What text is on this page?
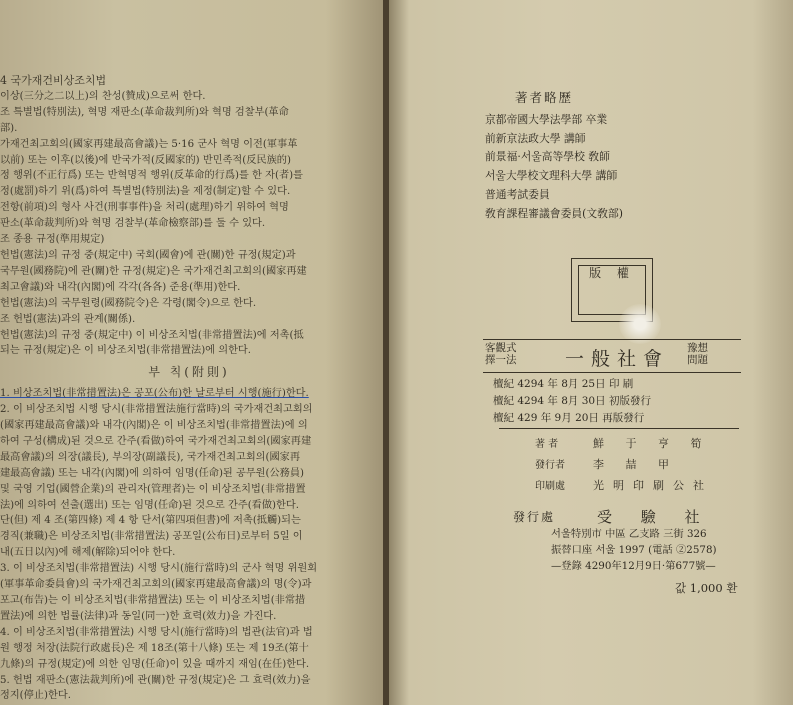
4 국가재건비상조치법

이상(三分之二以上)의 찬성(贊成)으로써 한다.

조 특별법(特別法), 혁명 재판소(革命裁判所)와 혁명 검찰부(革命

部).

가재건최고회의(國家再建最高會議)는 5·16 군사 혁명 이전(軍事革

以前) 또는 이후(以後)에 반국가적(反國家的) 반민족적(反民族的)

정 행위(不正行爲) 또는 반혁명적 행위(反革命的行爲)를 한 자(者)를

정(處罰)하기 위(爲)하여 특별법(特別法)을 제정(制定)할 수 있다.

전항(前項)의 형사 사건(刑事事件)을 처리(處理)하기 위하여 혁명

판소(革命裁判所)와 혁명 검찰부(革命檢察部)를 둘 수 있다.

조 종용 규정(準用規定)

헌법(憲法)의 규정 중(規定中) 국회(國會)에 관(關)한 규정(規定)과

국무원(國務院)에 관(關)한 규정(規定)은 국가재건최고회의(國家再建

최고會議)와 내각(內閣)에 각각(各各) 준용(準用)한다.

헌법(憲法)의 국무원령(國務院令)은 각령(閣令)으로 한다.

조 헌법(憲法)과의 관계(關係).

헌법(憲法)의 규정 중(規定中) 이 비상조치법(非常措置法)에 저촉(抵

되는 규정(規定)은 이 비상조치법(非常措置法)에 의한다.

부 칙(附則)

1. 비상조치법(非常措置法)은 공포(公布)한 날로부터 시행(施行)한다.

2. 이 비상조치법 시행 당시(非常措置法施行當時)의 국가재건최고회의

(國家再建最高會議)와 내각(內閣)은 이 비상조치법(非常措置法)에 의

하여 구성(構成)된 것으로 간주(看做)하여 국가재건최고회의(國家再建

最高會議)의 의장(議長), 부의장(副議長), 국가재건최고회의(國家再

建最高會議) 또는 내각(內閣)에 의하여 임명(任命)된 공무원(公務員)

및 국영 기업(國營企業)의 관리자(管理者)는 이 비상조치법(非常措置

法)에 의하여 선출(選出) 또는 임명(任命)된 것으로 간주(看做)한다.

단(但) 제 4 조(第四條) 제 4 항 단서(第四項但書)에 저촉(抵觸)되는

경직(兼職)은 비상조치법(非常措置法) 공포일(公布日)로부터 5일 이

내(五日以內)에 해제(解除)되어야 한다.

3. 이 비상조치법(非常措置法) 시행 당시(施行當時)의 군사 혁명 위원회

(軍事革命委員會)의 국가재건최고회의(國家再建最高會議)의 명(令)과

포고(布告)는 이 비상조치법(非常措置法) 또는 이 비상조치법(非常措

置法)에 의한 법률(法律)과 동일(同一)한 효력(效力)을 가진다.

4. 이 비상조치법(非常措置法) 시행 당시(施行當時)의 법관(法官)과 법

원 행정 처장(法院行政處長)은 제 18조(第十八條) 또는 제 19조(第十

九條)의 규정(規定)에 의한 임명(任命)이 있을 때까지 재임(在任)한다.

5. 헌법 재판소(憲法裁判所)에 관(關)한 규정(規定)은 그 효력(效力)을

정지(停止)한다.

著者略歷
京都帝國大學法學部 卒業
前新京法政大學 講師
前景福·서울高等學校 敎師
서울大學校文理科大學 講師
普通考試委員
敎育課程審議會委員(文敎部)
版 權
客觀式
擇一法	一般社會 豫想
問題
檀紀 4294 年 8月 25日 印 刷
檀紀 4294 年 8月 30日 初版發行
檀紀 429 年 9月 20日 再版發行
著 者	鮮 于 亨 筍
發行者	李 喆 甲
印刷處	光明印刷公社
發行處	受 驗 社
서울特別市 中區 乙支路 三街 326
振替口座 서울 1997 (電話 ②2578)
—登錄 4290年12月9日·第677號—
값 1,000 환
